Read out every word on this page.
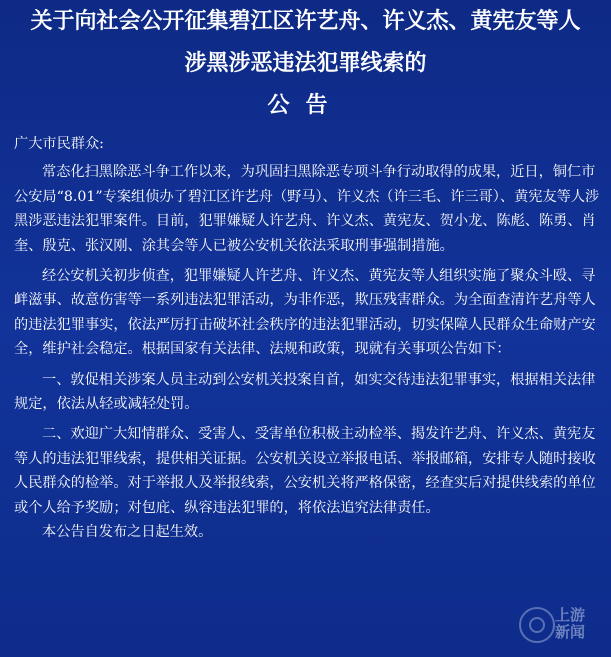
关于向社会公开征集碧江区许艺舟、许义杰、黄宪友等人
涉黑涉恶违法犯罪线索的
公告

广大市民群众:

常态化扫黑除恶斗争工作以来，为巩固扫黑除恶专项斗争行动取得的成果，近日，铜仁市公安局“8.01”专案组侦办了碧江区许艺舟（野马）、许义杰（许三毛、许三哥）、黄宪友等人涉黑涉恶违法犯罪案件。目前，犯罪嫌疑人许艺舟、许义杰、黄宪友、贺小龙、陈彪、陈勇、肖奎、殷克、张汉刚、涂其会等人已被公安机关依法采取刑事强制措施。

经公安机关初步侦查，犯罪嫌疑人许艺舟、许义杰、黄宪友等人组织实施了聚众斗殴、寻衅滋事、故意伤害等一系列违法犯罪活动，为非作恶，欺压残害群众。为全面查清许艺舟等人的违法犯罪事实，依法严厉打击破坏社会秩序的违法犯罪活动，切实保障人民群众生命财产安全，维护社会稳定。根据国家有关法律、法规和政策，现就有关事项公告如下：

一、敦促相关涉案人员主动到公安机关投案自首，如实交待违法犯罪事实，根据相关法律规定，依法从轻或减轻处罚。

二、欢迎广大知情群众、受害人、受害单位积极主动检举、揭发许艺舟、许义杰、黄宪友等人的违法犯罪线索，提供相关证据。公安机关设立举报电话、举报邮箱，安排专人随时接收人民群众的检举。对于举报人及举报线索，公安机关将严格保密，经查实后对提供线索的单位或个人给予奖励；对包庇、纵容违法犯罪的，将依法追究法律责任。

本公告自发布之日起生效。

上游
新闻
